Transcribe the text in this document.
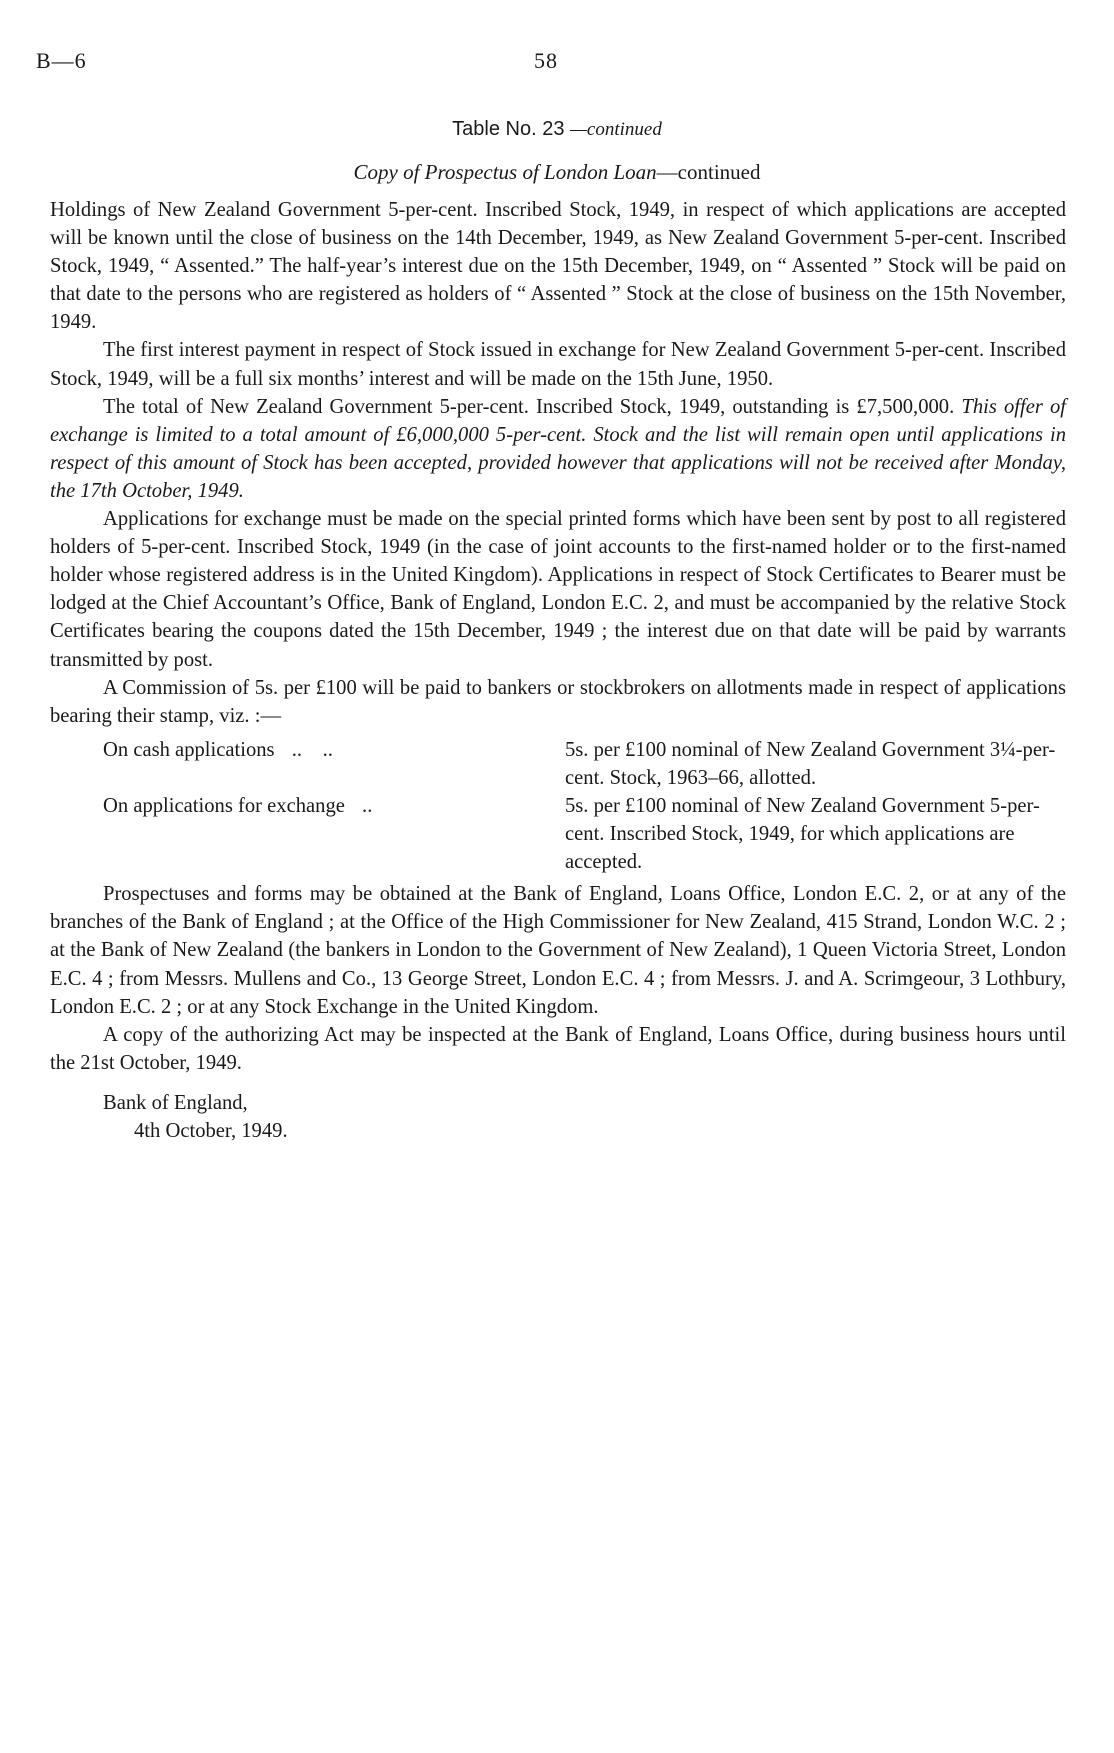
B—6	58
Table No. 23 —continued
Copy of Prospectus of London Loan—continued

Holdings of New Zealand Government 5-per-cent. Inscribed Stock, 1949, in respect of which applications are accepted will be known until the close of business on the 14th December, 1949, as New Zealand Government 5-per-cent. Inscribed Stock, 1949, “ Assented.” The half-year’s interest due on the 15th December, 1949, on “ Assented ” Stock will be paid on that date to the persons who are registered as holders of “ Assented ” Stock at the close of business on the 15th November, 1949.

The first interest payment in respect of Stock issued in exchange for New Zealand Government 5-per-cent. Inscribed Stock, 1949, will be a full six months’ interest and will be made on the 15th June, 1950.

The total of New Zealand Government 5-per-cent. Inscribed Stock, 1949, outstanding is £7,500,000. This offer of exchange is limited to a total amount of £6,000,000 5-per-cent. Stock and the list will remain open until applications in respect of this amount of Stock has been accepted, provided however that applications will not be received after Monday, the 17th October, 1949.

Applications for exchange must be made on the special printed forms which have been sent by post to all registered holders of 5-per-cent. Inscribed Stock, 1949 (in the case of joint accounts to the first-named holder or to the first-named holder whose registered address is in the United Kingdom). Applications in respect of Stock Certificates to Bearer must be lodged at the Chief Accountant’s Office, Bank of England, London E.C. 2, and must be accompanied by the relative Stock Certificates bearing the coupons dated the 15th December, 1949 ; the interest due on that date will be paid by warrants transmitted by post.

A Commission of 5s. per £100 will be paid to bankers or stockbrokers on allotments made in respect of applications bearing their stamp, viz. :—

On cash applications ..    ..	5s. per £100 nominal of New Zealand Government 3¼-per-cent. Stock, 1963–66, allotted.
On applications for exchange ..	5s. per £100 nominal of New Zealand Government 5-per-cent. Inscribed Stock, 1949, for which applications are accepted.

Prospectuses and forms may be obtained at the Bank of England, Loans Office, London E.C. 2, or at any of the branches of the Bank of England ; at the Office of the High Commissioner for New Zealand, 415 Strand, London W.C. 2 ; at the Bank of New Zealand (the bankers in London to the Government of New Zealand), 1 Queen Victoria Street, London E.C. 4 ; from Messrs. Mullens and Co., 13 George Street, London E.C. 4 ; from Messrs. J. and A. Scrimgeour, 3 Lothbury, London E.C. 2 ; or at any Stock Exchange in the United Kingdom.

A copy of the authorizing Act may be inspected at the Bank of England, Loans Office, during business hours until the 21st October, 1949.

Bank of England,
4th October, 1949.
